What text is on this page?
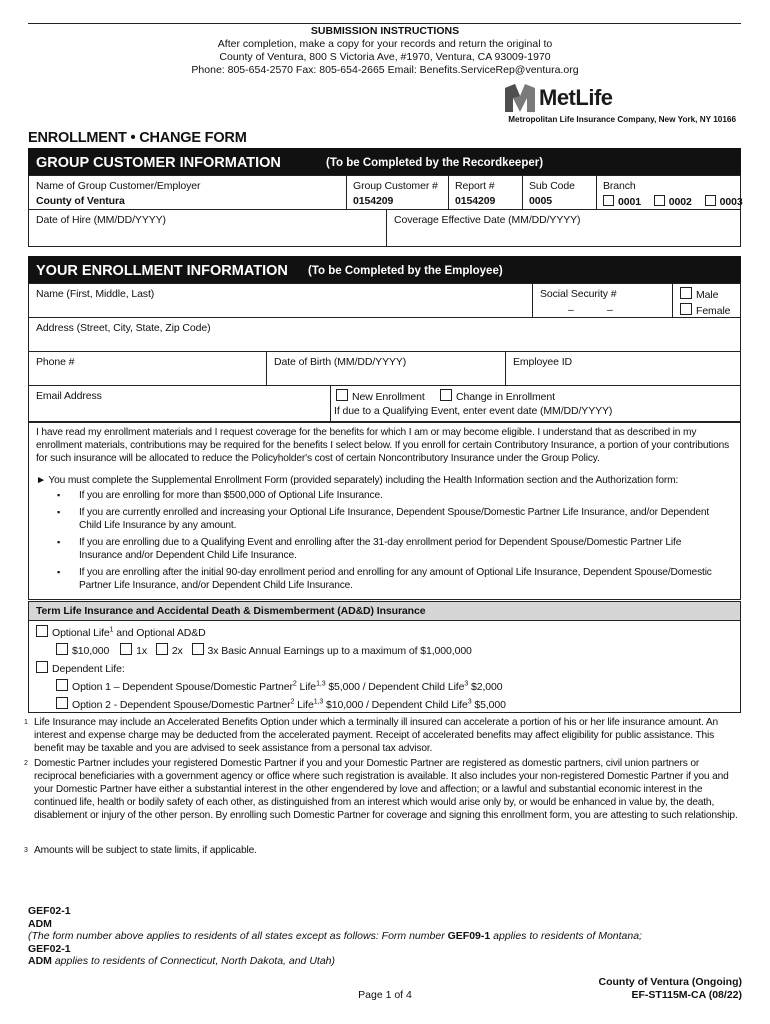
SUBMISSION INSTRUCTIONS
After completion, make a copy for your records and return the original to
County of Ventura, 800 S Victoria Ave, #1970, Ventura, CA 93009-1970
Phone: 805-654-2570 Fax: 805-654-2665 Email: Benefits.ServiceRep@ventura.org
MetLife
Metropolitan Life Insurance Company, New York, NY 10166
ENROLLMENT • CHANGE FORM
GROUP CUSTOMER INFORMATION	(To be Completed by the Recordkeeper)
Name of Group Customer/Employer
County of Ventura
Group Customer #
0154209
Report #
0154209
Sub Code
0005
Branch
0001	0002	0003
Date of Hire (MM/DD/YYYY)	Coverage Effective Date (MM/DD/YYYY)
YOUR ENROLLMENT INFORMATION (To be Completed by the Employee)
Name (First, Middle, Last)	Social Security #
–	–
Male
Female
Address (Street, City, State, Zip Code)
Phone #	Date of Birth (MM/DD/YYYY)	Employee ID
Email Address	New Enrollment	Change in Enrollment
If due to a Qualifying Event, enter event date (MM/DD/YYYY)
I have read my enrollment materials and I request coverage for the benefits for which I am or may become eligible. I understand that as described in my enrollment materials, contributions may be required for the benefits I select below. If you enroll for certain Contributory Insurance, a portion of your contributions for such insurance will be allocated to reduce the Policyholder's cost of certain Noncontributory Insurance under the Group Policy.
► You must complete the Supplemental Enrollment Form (provided separately) including the Health Information section and the Authorization form:
▪ If you are enrolling for more than $500,000 of Optional Life Insurance.
▪ If you are currently enrolled and increasing your Optional Life Insurance, Dependent Spouse/Domestic Partner Life Insurance, and/or Dependent Child Life Insurance by any amount.
▪ If you are enrolling due to a Qualifying Event and enrolling after the 31-day enrollment period for Dependent Spouse/Domestic Partner Life Insurance and/or Dependent Child Life Insurance.
▪ If you are enrolling after the initial 90-day enrollment period and enrolling for any amount of Optional Life Insurance, Dependent Spouse/Domestic Partner Life Insurance, and/or Dependent Child Life Insurance.
Term Life Insurance and Accidental Death & Dismemberment (AD&D) Insurance
Optional Life$^1$ and Optional AD&D
$10,000	1x 2x 3x Basic Annual Earnings up to a maximum of $1,000,000
Dependent Life:
Option 1 – Dependent Spouse/Domestic Partner$^2$ Life$^{1,3}$ $5,000 / Dependent Child Life$^3$ $2,000
Option 2 - Dependent Spouse/Domestic Partner$^2$ Life$^{1,3}$ $10,000 / Dependent Child Life$^3$ $5,000
1 Life Insurance may include an Accelerated Benefits Option under which a terminally ill insured can accelerate a portion of his or her life insurance amount. An interest and expense charge may be deducted from the accelerated payment. Receipt of accelerated benefits may affect eligibility for public assistance. This benefit may be taxable and you are advised to seek assistance from a personal tax advisor.
2 Domestic Partner includes your registered Domestic Partner if you and your Domestic Partner are registered as domestic partners, civil union partners or reciprocal beneficiaries with a government agency or office where such registration is available. It also includes your non-registered Domestic Partner if you and your Domestic Partner have either a substantial interest in the other engendered by love and affection; or a lawful and substantial economic interest in the continued life, health or bodily safety of each other, as distinguished from an interest which would arise only by, or would be enhanced in value by, the death, disablement or injury of the other person. By enrolling such Domestic Partner for coverage and signing this enrollment form, you are attesting to such relationship.
3 Amounts will be subject to state limits, if applicable.
GEF02-1
ADM
(The form number above applies to residents of all states except as follows: Form number GEF09-1 applies to residents of Montana;
GEF02-1
ADM applies to residents of Connecticut, North Dakota, and Utah)
Page 1 of 4
County of Ventura (Ongoing)
EF-ST115M-CA (08/22)
